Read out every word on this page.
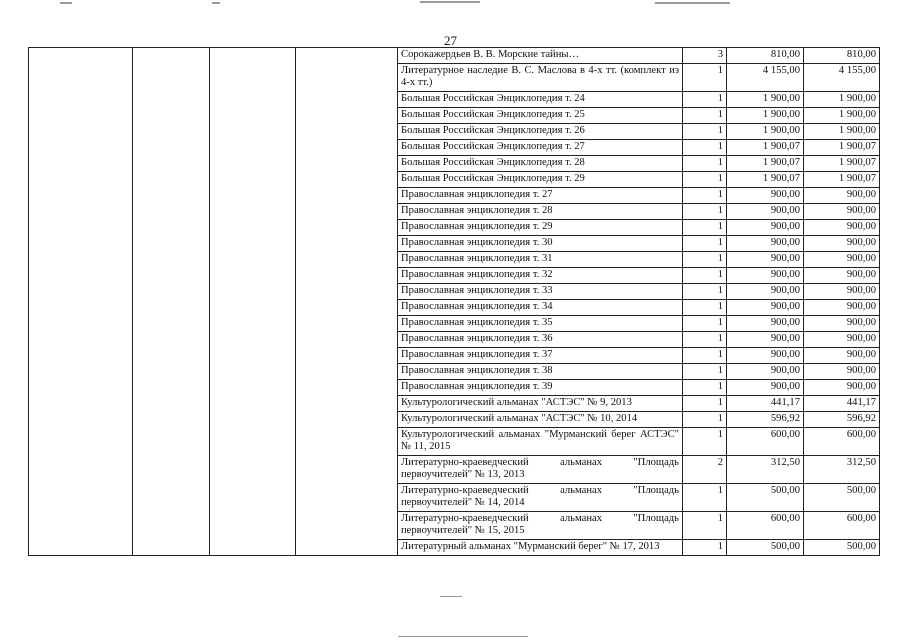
27
				Сорокажердьев В. В. Морские тайны…	3	810,00	810,00
				Литературное наследие В. С. Маслова в 4-х тт. (комплект из 4-х тт.)	1	4 155,00	4 155,00
				Большая Российская Энциклопедия т. 24	1	1 900,00	1 900,00
				Большая Российская Энциклопедия т. 25	1	1 900,00	1 900,00
				Большая Российская Энциклопедия т. 26	1	1 900,00	1 900,00
				Большая Российская Энциклопедия т. 27	1	1 900,07	1 900,07
				Большая Российская Энциклопедия т. 28	1	1 900,07	1 900,07
				Большая Российская Энциклопедия т. 29	1	1 900,07	1 900,07
				Православная энциклопедия т. 27	1	900,00	900,00
				Православная энциклопедия т. 28	1	900,00	900,00
				Православная энциклопедия т. 29	1	900,00	900,00
				Православная энциклопедия т. 30	1	900,00	900,00
				Православная энциклопедия т. 31	1	900,00	900,00
				Православная энциклопедия т. 32	1	900,00	900,00
				Православная энциклопедия т. 33	1	900,00	900,00
				Православная энциклопедия т. 34	1	900,00	900,00
				Православная энциклопедия т. 35	1	900,00	900,00
				Православная энциклопедия т. 36	1	900,00	900,00
				Православная энциклопедия т. 37	1	900,00	900,00
				Православная энциклопедия т. 38	1	900,00	900,00
				Православная энциклопедия т. 39	1	900,00	900,00
				Культурологический альманах "АСТЭС" № 9, 2013	1	441,17	441,17
				Культурологический альманах "АСТЭС" № 10, 2014	1	596,92	596,92
				Культурологический альманах "Мурманский берег АСТЭС" № 11, 2015	1	600,00	600,00
				Литературно-краеведческий альманах "Площадь первоучителей" № 13, 2013	2	312,50	312,50
				Литературно-краеведческий альманах "Площадь первоучителей" № 14, 2014	1	500,00	500,00
				Литературно-краеведческий альманах "Площадь первоучителей" № 15, 2015	1	600,00	600,00
				Литературный альманах "Мурманский берег" № 17, 2013	1	500,00	500,00
